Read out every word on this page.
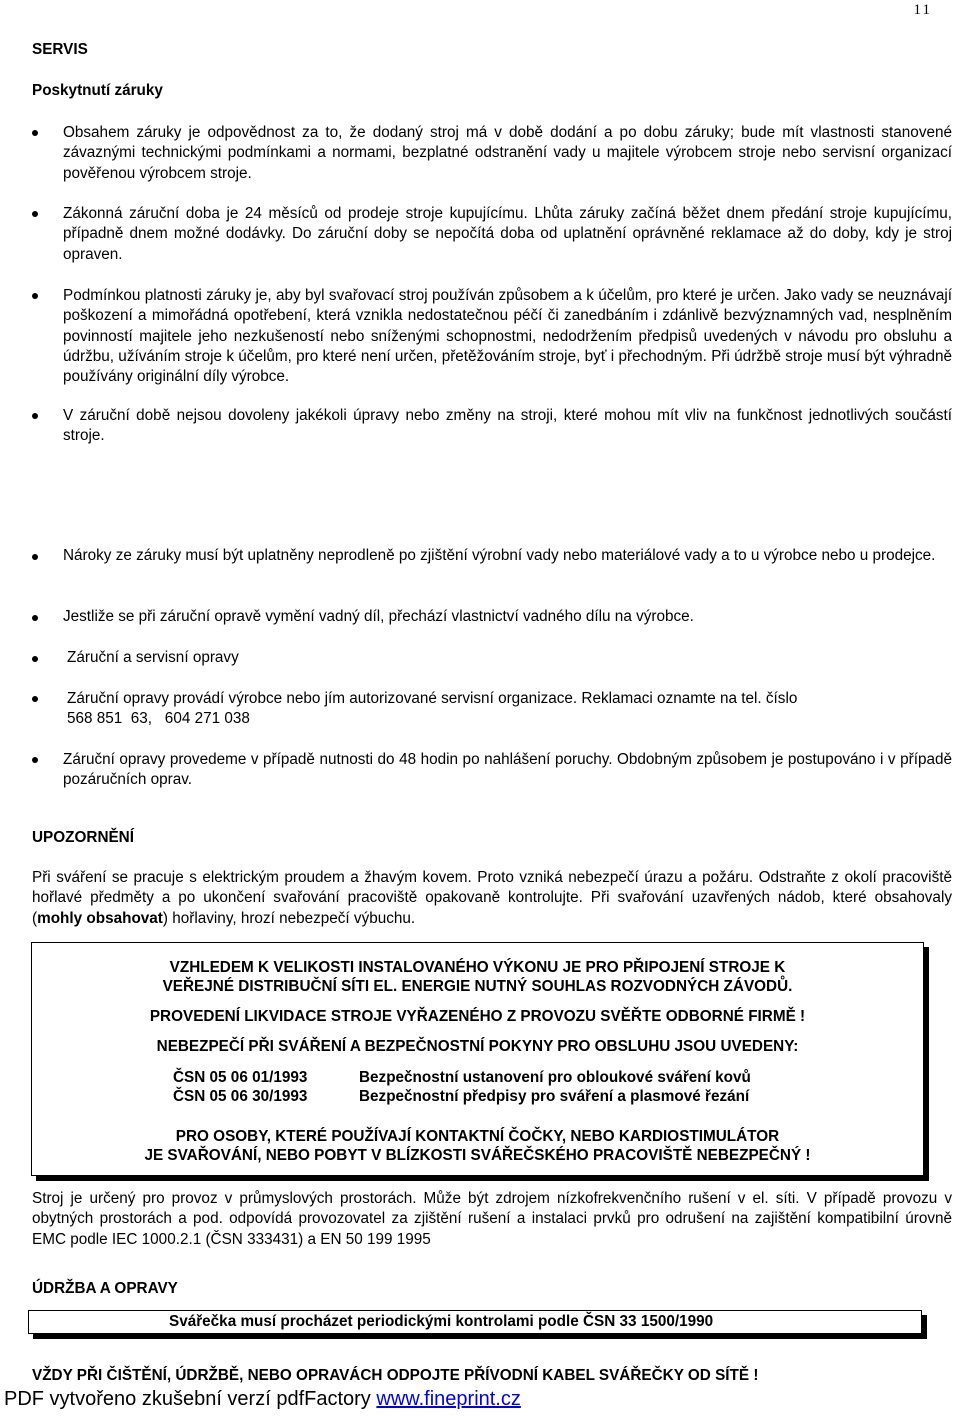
11
SERVIS
Poskytnutí záruky
Obsahem záruky je odpovědnost za to, že dodaný stroj má v době dodání a po dobu záruky; bude mít vlastnosti stanovené závaznými technickými podmínkami a normami, bezplatné odstranění vady u majitele výrobcem stroje nebo servisní organizací pověřenou výrobcem stroje.
Zákonná záruční doba je 24 měsíců od prodeje stroje kupujícímu. Lhůta záruky začíná běžet dnem předání stroje kupujícímu, případně dnem možné dodávky. Do záruční doby se nepočítá doba od uplatnění oprávněné reklamace až do doby, kdy je stroj opraven.
Podmínkou platnosti záruky je, aby byl svařovací stroj používán způsobem a k účelům, pro které je určen. Jako vady se neuznávají poškození a mimořádná opotřebení, která vznikla nedostatečnou péčí či zanedbáním i zdánlivě bezvýznamných vad, nesplněním povinností majitele jeho nezkušeností nebo sníženými schopnostmi, nedodržením předpisů uvedených v návodu pro obsluhu a údržbu, užíváním stroje k účelům, pro které není určen, přetěžováním stroje, byť i přechodným. Při údržbě stroje musí být výhradně používány originální díly výrobce.
V záruční době nejsou dovoleny jakékoli úpravy nebo změny na stroji, které mohou mít vliv na funkčnost jednotlivých součástí stroje.
Nároky ze záruky musí být uplatněny neprodleně po zjištění výrobní vady nebo materiálové vady a to u výrobce nebo u prodejce.
Jestliže se při záruční opravě vymění vadný díl, přechází vlastnictví vadného dílu na výrobce.
Záruční a servisní opravy
Záruční opravy provádí výrobce nebo jím autorizované servisní organizace. Reklamaci oznamte na tel. číslo
568 851  63,   604 271 038
Záruční opravy provedeme v případě nutnosti do 48 hodin po nahlášení poruchy. Obdobným způsobem je postupováno i v případě pozáručních oprav.
UPOZORNĚNÍ
Při sváření se pracuje s elektrickým proudem a žhavým kovem. Proto vzniká nebezpečí úrazu a požáru. Odstraňte z okolí pracoviště hořlavé předměty a po ukončení svařování pracoviště opakovaně kontrolujte. Při svařování uzavřených nádob, které obsahovaly (mohly obsahovat) hořlaviny, hrozí nebezpečí výbuchu.
VZHLEDEM K VELIKOSTI INSTALOVANÉHO VÝKONU JE PRO PŘIPOJENÍ STROJE K
VEŘEJNÉ DISTRIBUČNÍ SÍTI EL. ENERGIE NUTNÝ SOUHLAS ROZVODNÝCH ZÁVODŮ.
PROVEDENÍ LIKVIDACE STROJE VYŘAZENÉHO Z PROVOZU SVĚŘTE ODBORNÉ FIRMĚ !
NEBEZPEČÍ PŘI SVÁŘENÍ A BEZPEČNOSTNÍ POKYNY PRO OBSLUHU JSOU UVEDENY:
ČSN 05 06 01/1993	Bezpečnostní ustanovení pro obloukové sváření kovů
ČSN 05 06 30/1993	Bezpečnostní předpisy pro sváření a plasmové řezání
PRO OSOBY, KTERÉ POUŽÍVAJÍ KONTAKTNÍ ČOČKY, NEBO KARDIOSTIMULÁTOR
JE SVAŘOVÁNÍ, NEBO POBYT V BLÍZKOSTI SVÁŘEČSKÉHO PRACOVIŠTĚ NEBEZPEČNÝ !
Stroj je určený pro provoz v průmyslových prostorách. Může být zdrojem nízkofrekvenčního rušení v el. síti. V případě provozu v obytných prostorách a pod. odpovídá provozovatel za zjištění rušení a instalaci prvků pro odrušení na zajištění kompatibilní úrovně EMC podle IEC 1000.2.1 (ČSN 333431) a EN 50 199 1995
ÚDRŽBA A OPRAVY
Svářečka musí procházet periodickými kontrolami podle ČSN 33 1500/1990
VŽDY PŘI ČIŠTĚNÍ, ÚDRŽBĚ, NEBO OPRAVÁCH ODPOJTE PŘÍVODNÍ KABEL SVÁŘEČKY OD SÍTĚ !
PDF vytvořeno zkušební verzí pdfFactory www.fineprint.cz
